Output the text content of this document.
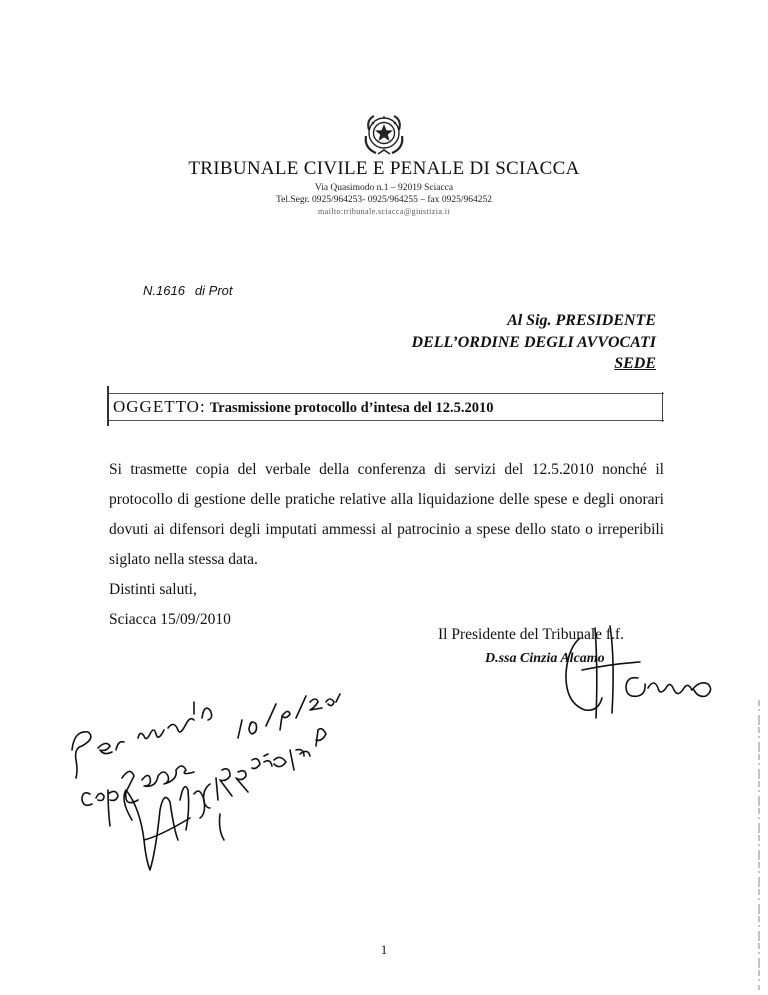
TRIBUNALE CIVILE E PENALE DI SCIACCA
Via Quasimodo n.1 – 92019 Sciacca
Tel.Segr. 0925/964253- 0925/964255 – fax 0925/964252
mailto:tribunale.sciacca@giustizia.it
N.1616 di Prot
Al Sig. PRESIDENTE
DELL’ORDINE DEGLI AVVOCATI
SEDE
OGGETTO: Trasmissione protocollo d’intesa del 12.5.2010
Si trasmette copia del verbale della conferenza di servizi del 12.5.2010 nonché il protocollo di gestione delle pratiche relative alla liquidazione delle spese e degli onorari dovuti ai difensori degli imputati ammessi al patrocinio a spese dello stato o irreperibili siglato nella stessa data.
Distinti saluti,
Sciacca 15/09/2010
Il Presidente del Tribunale f.f.
D.ssa Cinzia Alcamo
1
